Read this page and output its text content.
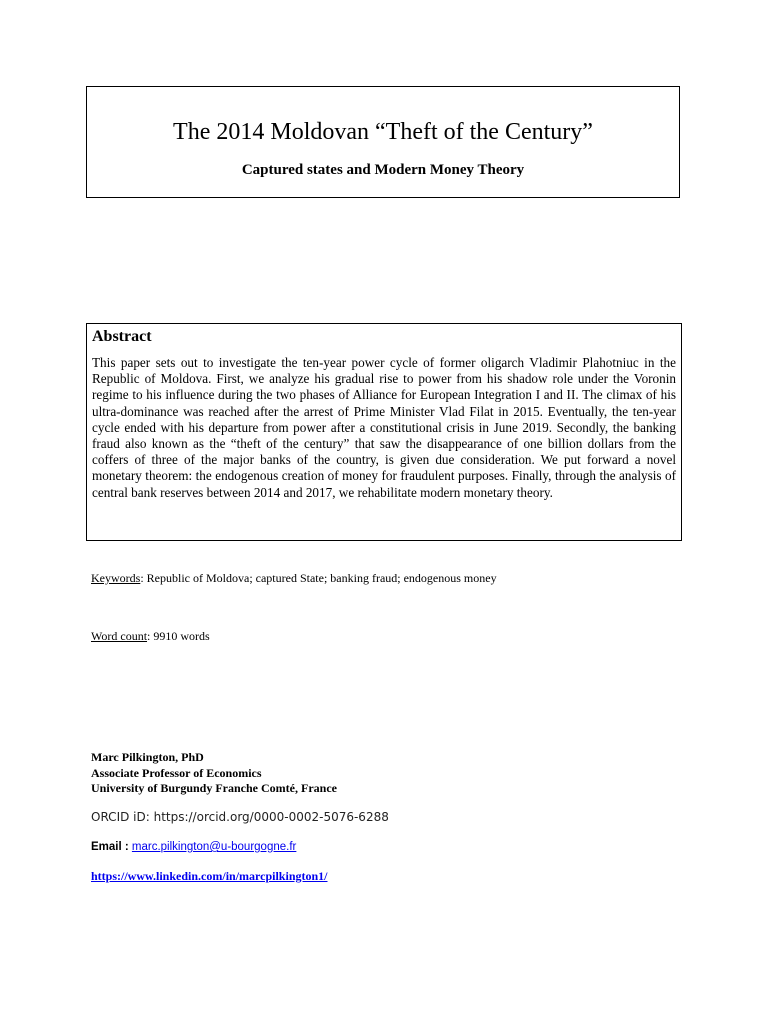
The 2014 Moldovan “Theft of the Century”

Captured states and Modern Money Theory

Abstract

This paper sets out to investigate the ten-year power cycle of former oligarch Vladimir Plahotniuc in the Republic of Moldova. First, we analyze his gradual rise to power from his shadow role under the Voronin regime to his influence during the two phases of Alliance for European Integration I and II. The climax of his ultra-dominance was reached after the arrest of Prime Minister Vlad Filat in 2015. Eventually, the ten-year cycle ended with his departure from power after a constitutional crisis in June 2019. Secondly, the banking fraud also known as the “theft of the century” that saw the disappearance of one billion dollars from the coffers of three of the major banks of the country, is given due consideration. We put forward a novel monetary theorem: the endogenous creation of money for fraudulent purposes. Finally, through the analysis of central bank reserves between 2014 and 2017, we rehabilitate modern monetary theory.

Keywords: Republic of Moldova; captured State; banking fraud; endogenous money
Word count: 9910 words
Marc Pilkington, PhD
Associate Professor of Economics
University of Burgundy Franche Comté, France
ORCID iD: https://orcid.org/0000-0002-5076-6288
Email : marc.pilkington@u-bourgogne.fr
https://www.linkedin.com/in/marcpilkington1/
